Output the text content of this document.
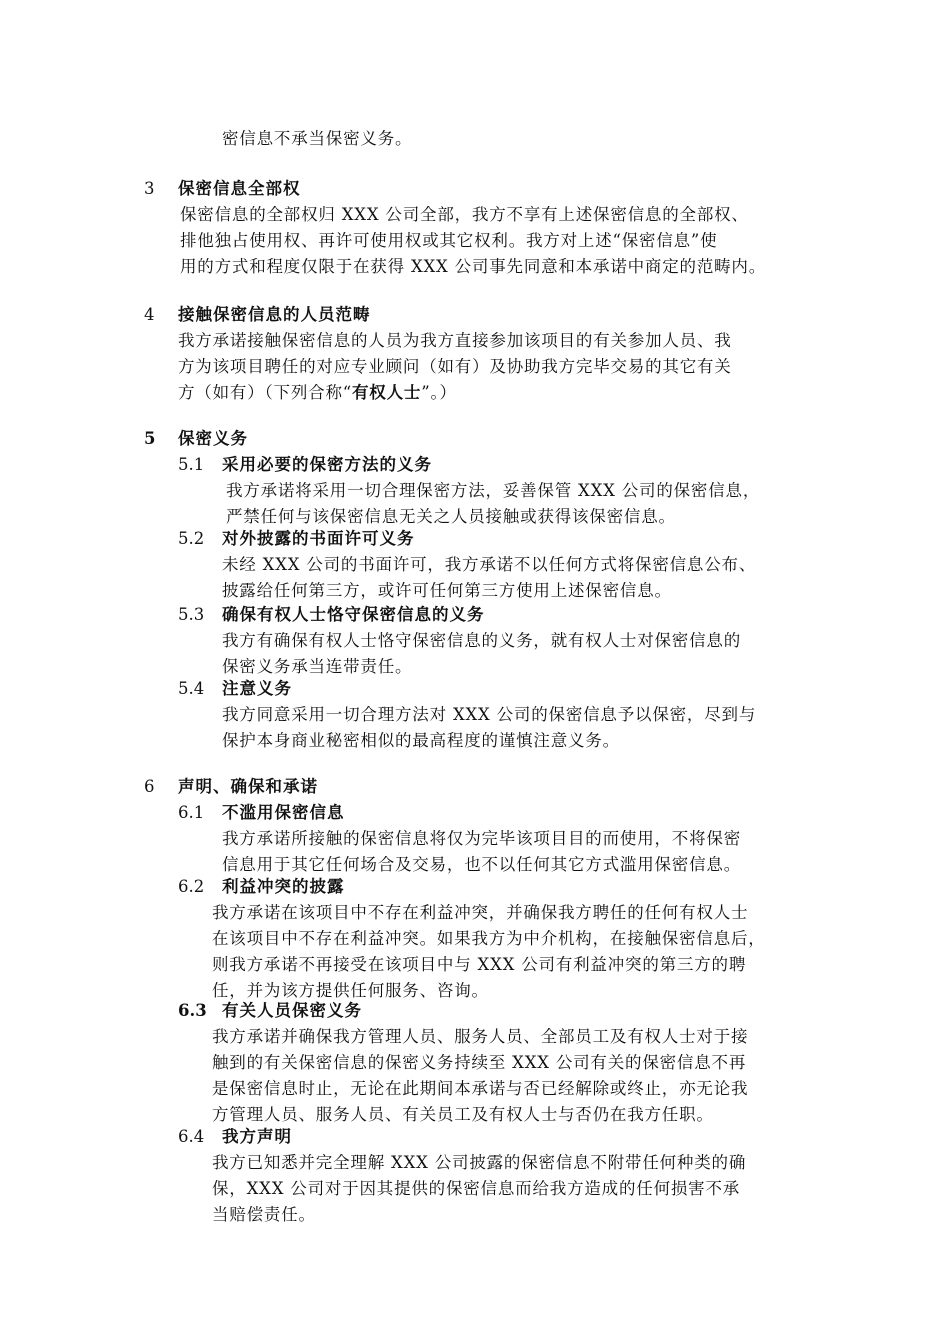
密信息不承当保密义务。
3 保密信息全部权
保密信息的全部权归 XXX 公司全部，我方不享有上述保密信息的全部权、
排他独占使用权、再许可使用权或其它权利。我方对上述“保密信息”使
用的方式和程度仅限于在获得 XXX 公司事先同意和本承诺中商定的范畴内。
4 接触保密信息的人员范畴
我方承诺接触保密信息的人员为我方直接参加该项目的有关参加人员、我
方为该项目聘任的对应专业顾问（如有）及协助我方完毕交易的其它有关
方（如有）（下列合称“有权人士”。）
5 保密义务
5.1 采用必要的保密方法的义务
我方承诺将采用一切合理保密方法，妥善保管 XXX 公司的保密信息，
严禁任何与该保密信息无关之人员接触或获得该保密信息。
5.2 对外披露的书面许可义务
未经 XXX 公司的书面许可，我方承诺不以任何方式将保密信息公布、
披露给任何第三方，或许可任何第三方使用上述保密信息。
5.3 确保有权人士恪守保密信息的义务
我方有确保有权人士恪守保密信息的义务，就有权人士对保密信息的
保密义务承当连带责任。
5.4 注意义务
我方同意采用一切合理方法对 XXX 公司的保密信息予以保密，尽到与
保护本身商业秘密相似的最高程度的谨慎注意义务。
6 声明、确保和承诺
6.1 不滥用保密信息
我方承诺所接触的保密信息将仅为完毕该项目目的而使用，不将保密
信息用于其它任何场合及交易，也不以任何其它方式滥用保密信息。
6.2 利益冲突的披露
我方承诺在该项目中不存在利益冲突，并确保我方聘任的任何有权人士
在该项目中不存在利益冲突。如果我方为中介机构，在接触保密信息后，
则我方承诺不再接受在该项目中与 XXX 公司有利益冲突的第三方的聘
任，并为该方提供任何服务、咨询。
6.3 有关人员保密义务
我方承诺并确保我方管理人员、服务人员、全部员工及有权人士对于接
触到的有关保密信息的保密义务持续至 XXX 公司有关的保密信息不再
是保密信息时止，无论在此期间本承诺与否已经解除或终止，亦无论我
方管理人员、服务人员、有关员工及有权人士与否仍在我方任职。
6.4 我方声明
我方已知悉并完全理解 XXX 公司披露的保密信息不附带任何种类的确
保，XXX 公司对于因其提供的保密信息而给我方造成的任何损害不承
当赔偿责任。
